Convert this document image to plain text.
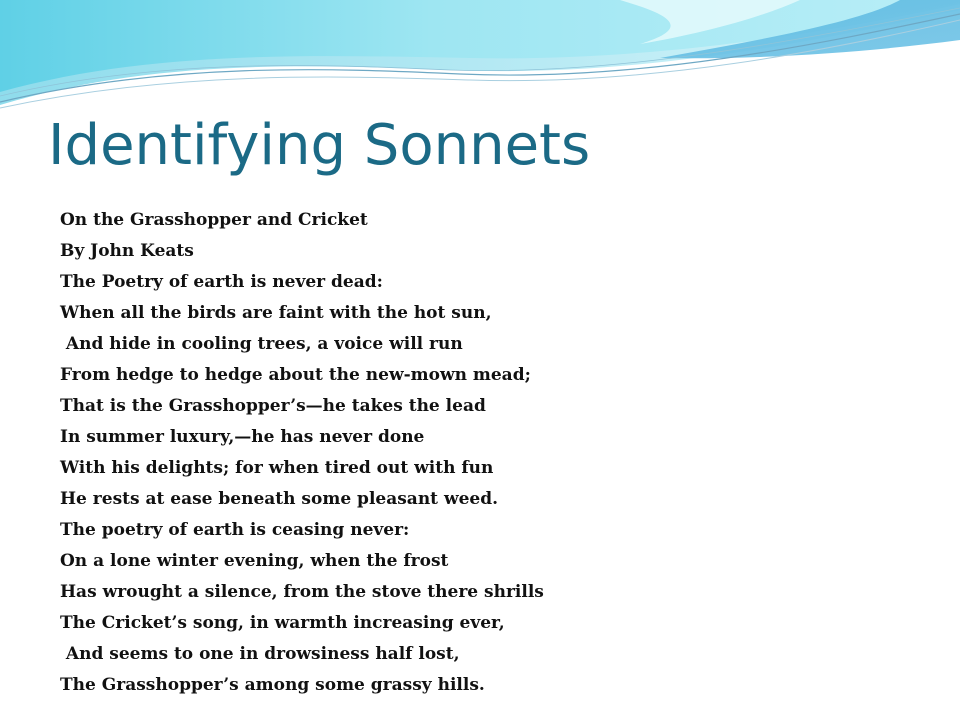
Identifying Sonnets
On the Grasshopper and Cricket
By John Keats
The Poetry of earth is never dead:
When all the birds are faint with the hot sun,
And hide in cooling trees, a voice will run
From hedge to hedge about the new-mown mead;
That is the Grasshopper’s—he takes the lead
In summer luxury,—he has never done
With his delights; for when tired out with fun
He rests at ease beneath some pleasant weed.
The poetry of earth is ceasing never:
On a lone winter evening, when the frost
Has wrought a silence, from the stove there shrills
The Cricket’s song, in warmth increasing ever,
And seems to one in drowsiness half lost,
The Grasshopper’s among some grassy hills.
